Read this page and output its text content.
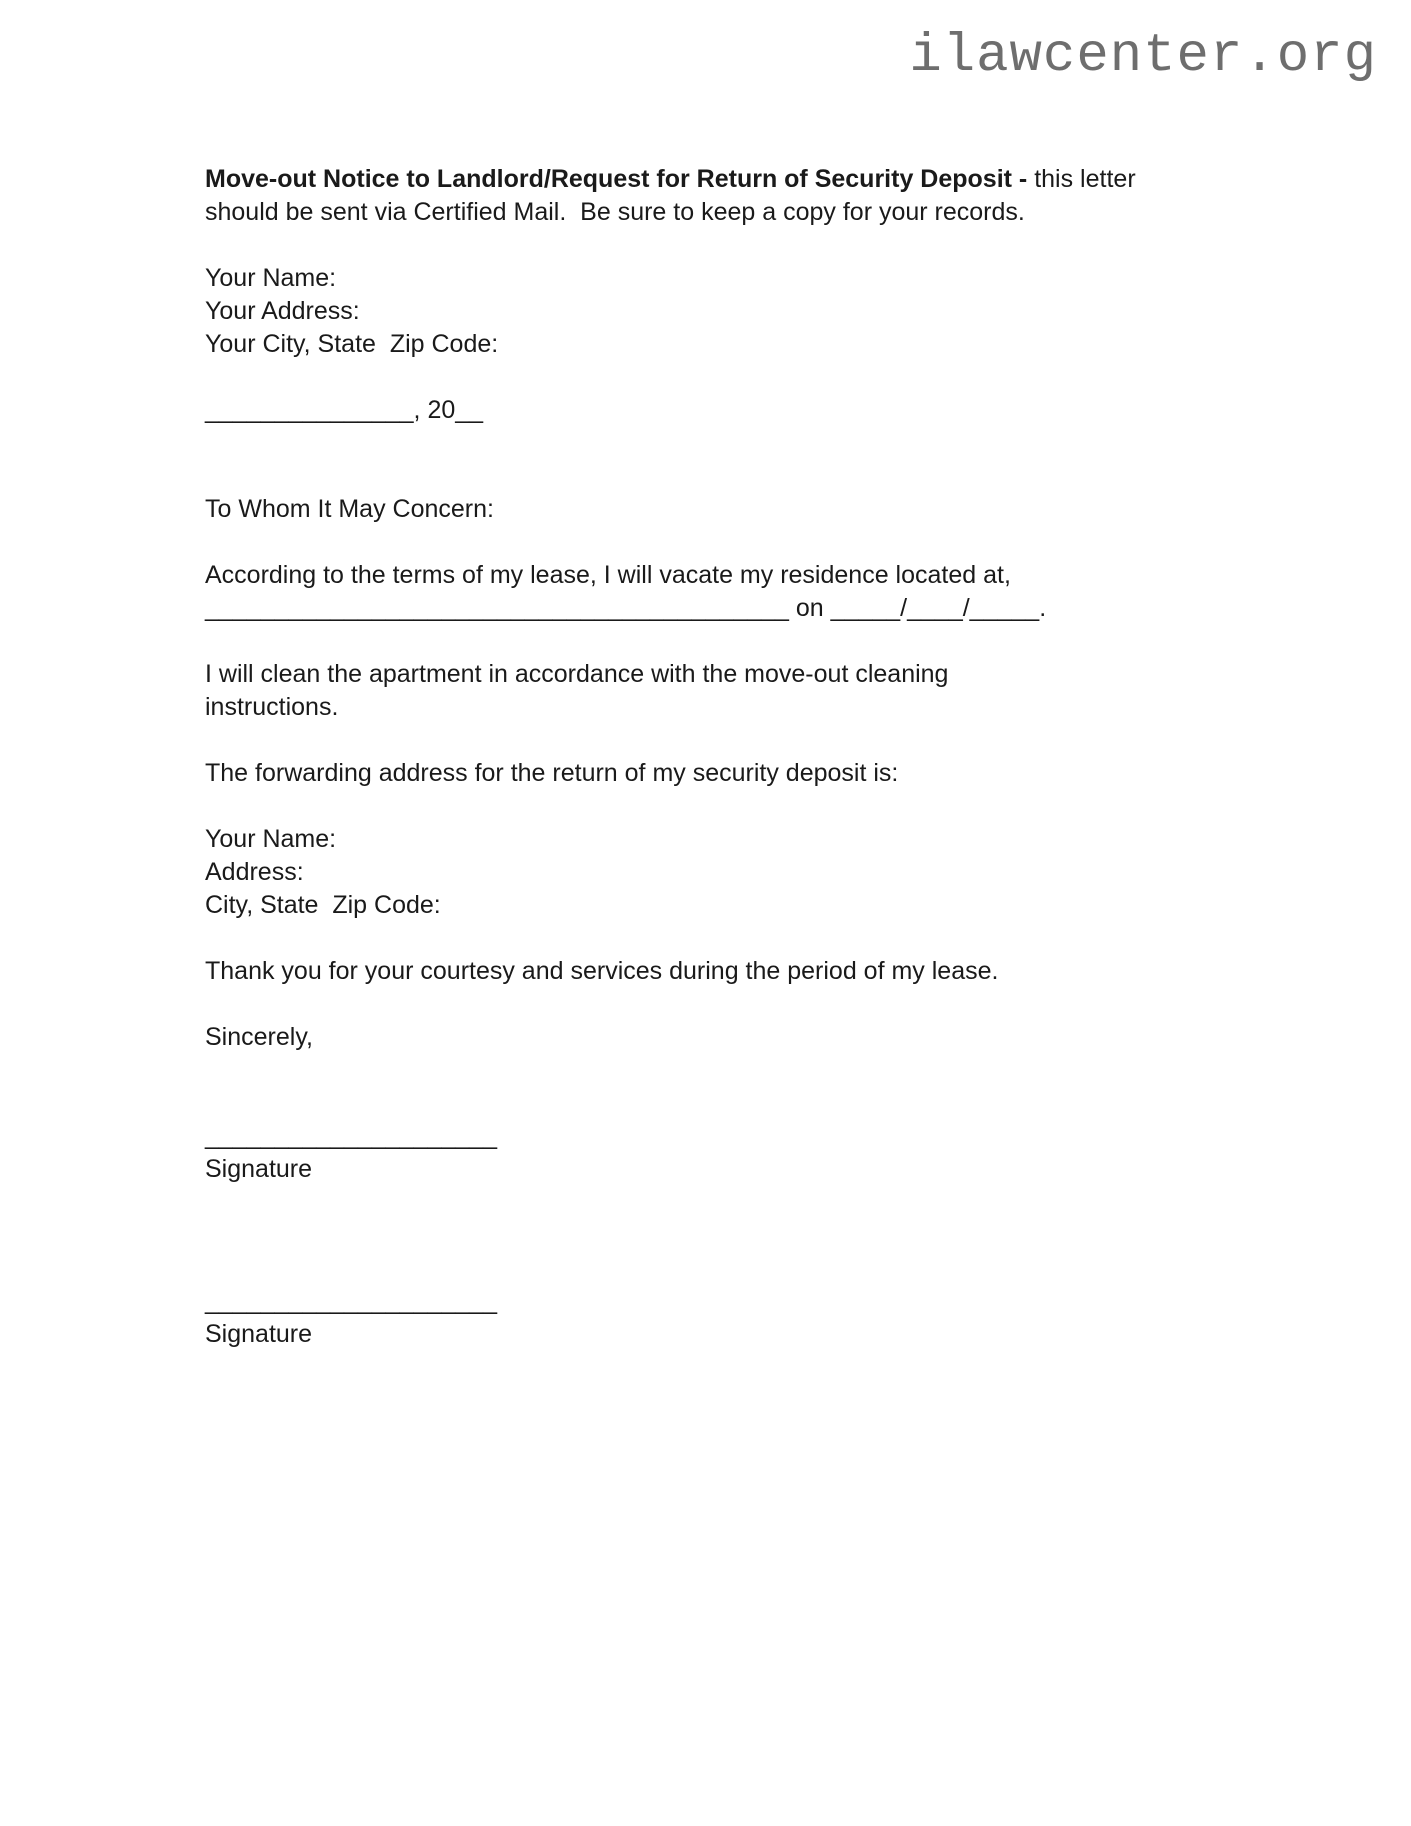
ilawcenter.org
Move-out Notice to Landlord/Request for Return of Security Deposit - this letter
should be sent via Certified Mail.  Be sure to keep a copy for your records.
Your Name:
Your Address:
Your City, State  Zip Code:
_______________, 20__
To Whom It May Concern:
According to the terms of my lease, I will vacate my residence located at,
__________________________________________ on _____/____/_____.
I will clean the apartment in accordance with the move-out cleaning
instructions.
The forwarding address for the return of my security deposit is:
Your Name:
Address:
City, State  Zip Code:
Thank you for your courtesy and services during the period of my lease.
Sincerely,
_____________________
Signature
_____________________
Signature
